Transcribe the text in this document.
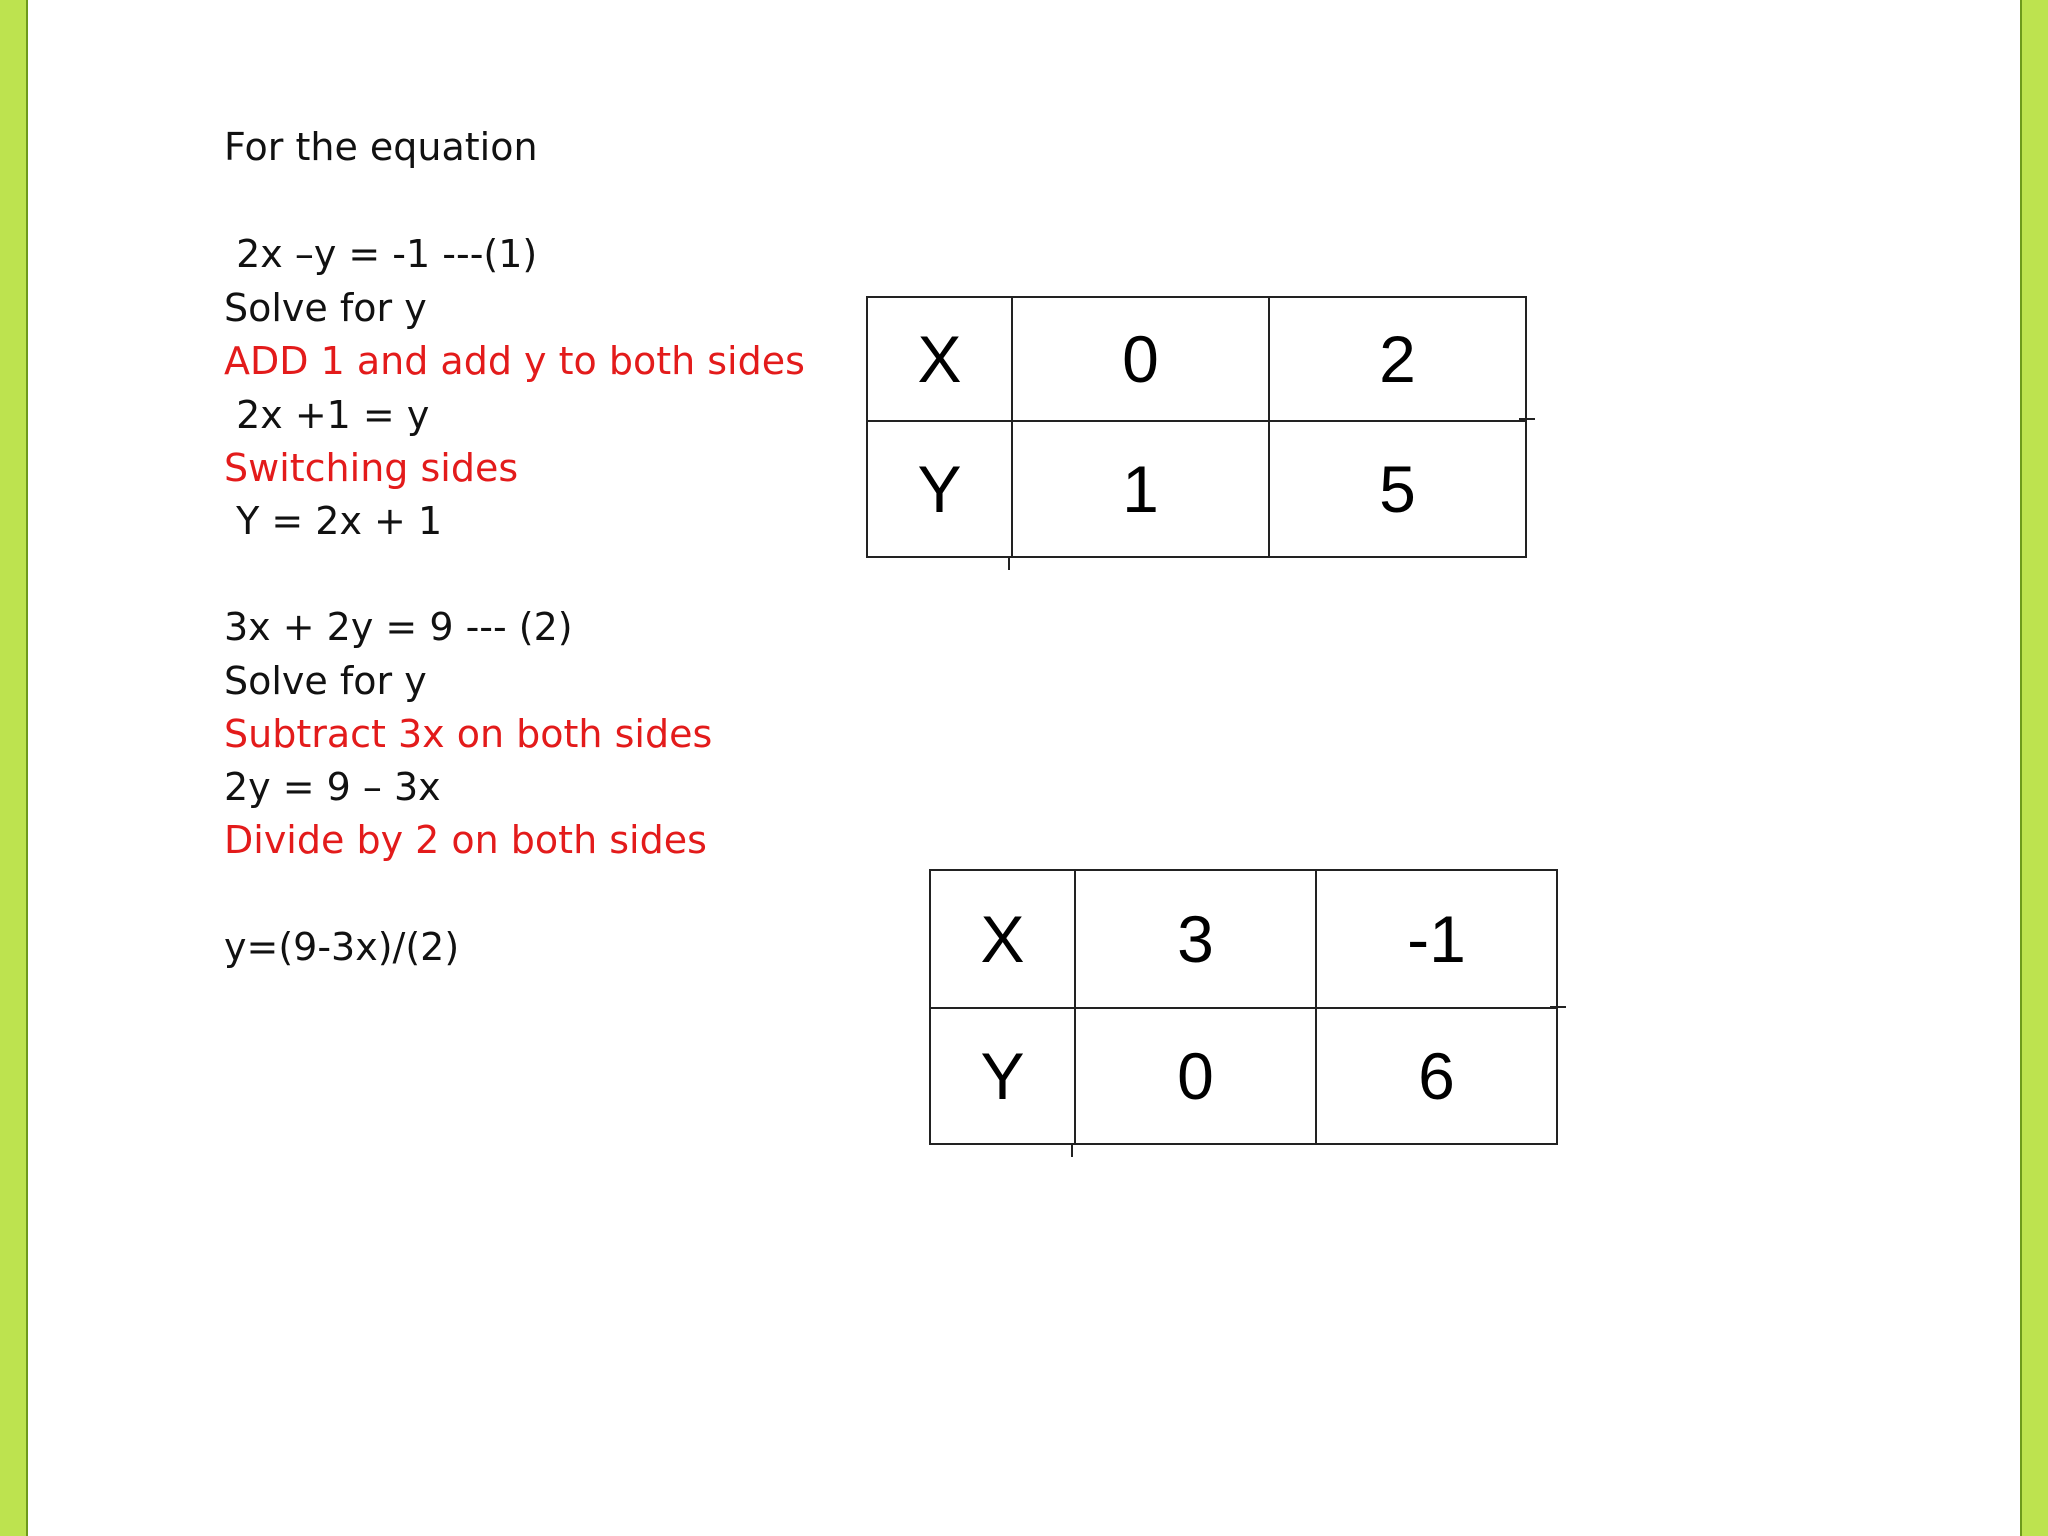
For the equation

2x –y = -1 ---(1)

Solve for y

ADD 1 and add y to both sides

2x +1 = y

Switching sides

Y = 2x + 1

3x + 2y = 9 --- (2)

Solve for y

Subtract 3x on both sides

2y = 9 – 3x

Divide by 2 on both sides

y=(9-3x)/(2)

X	0	2
Y	1	5
X	3	-1
Y	0	6
